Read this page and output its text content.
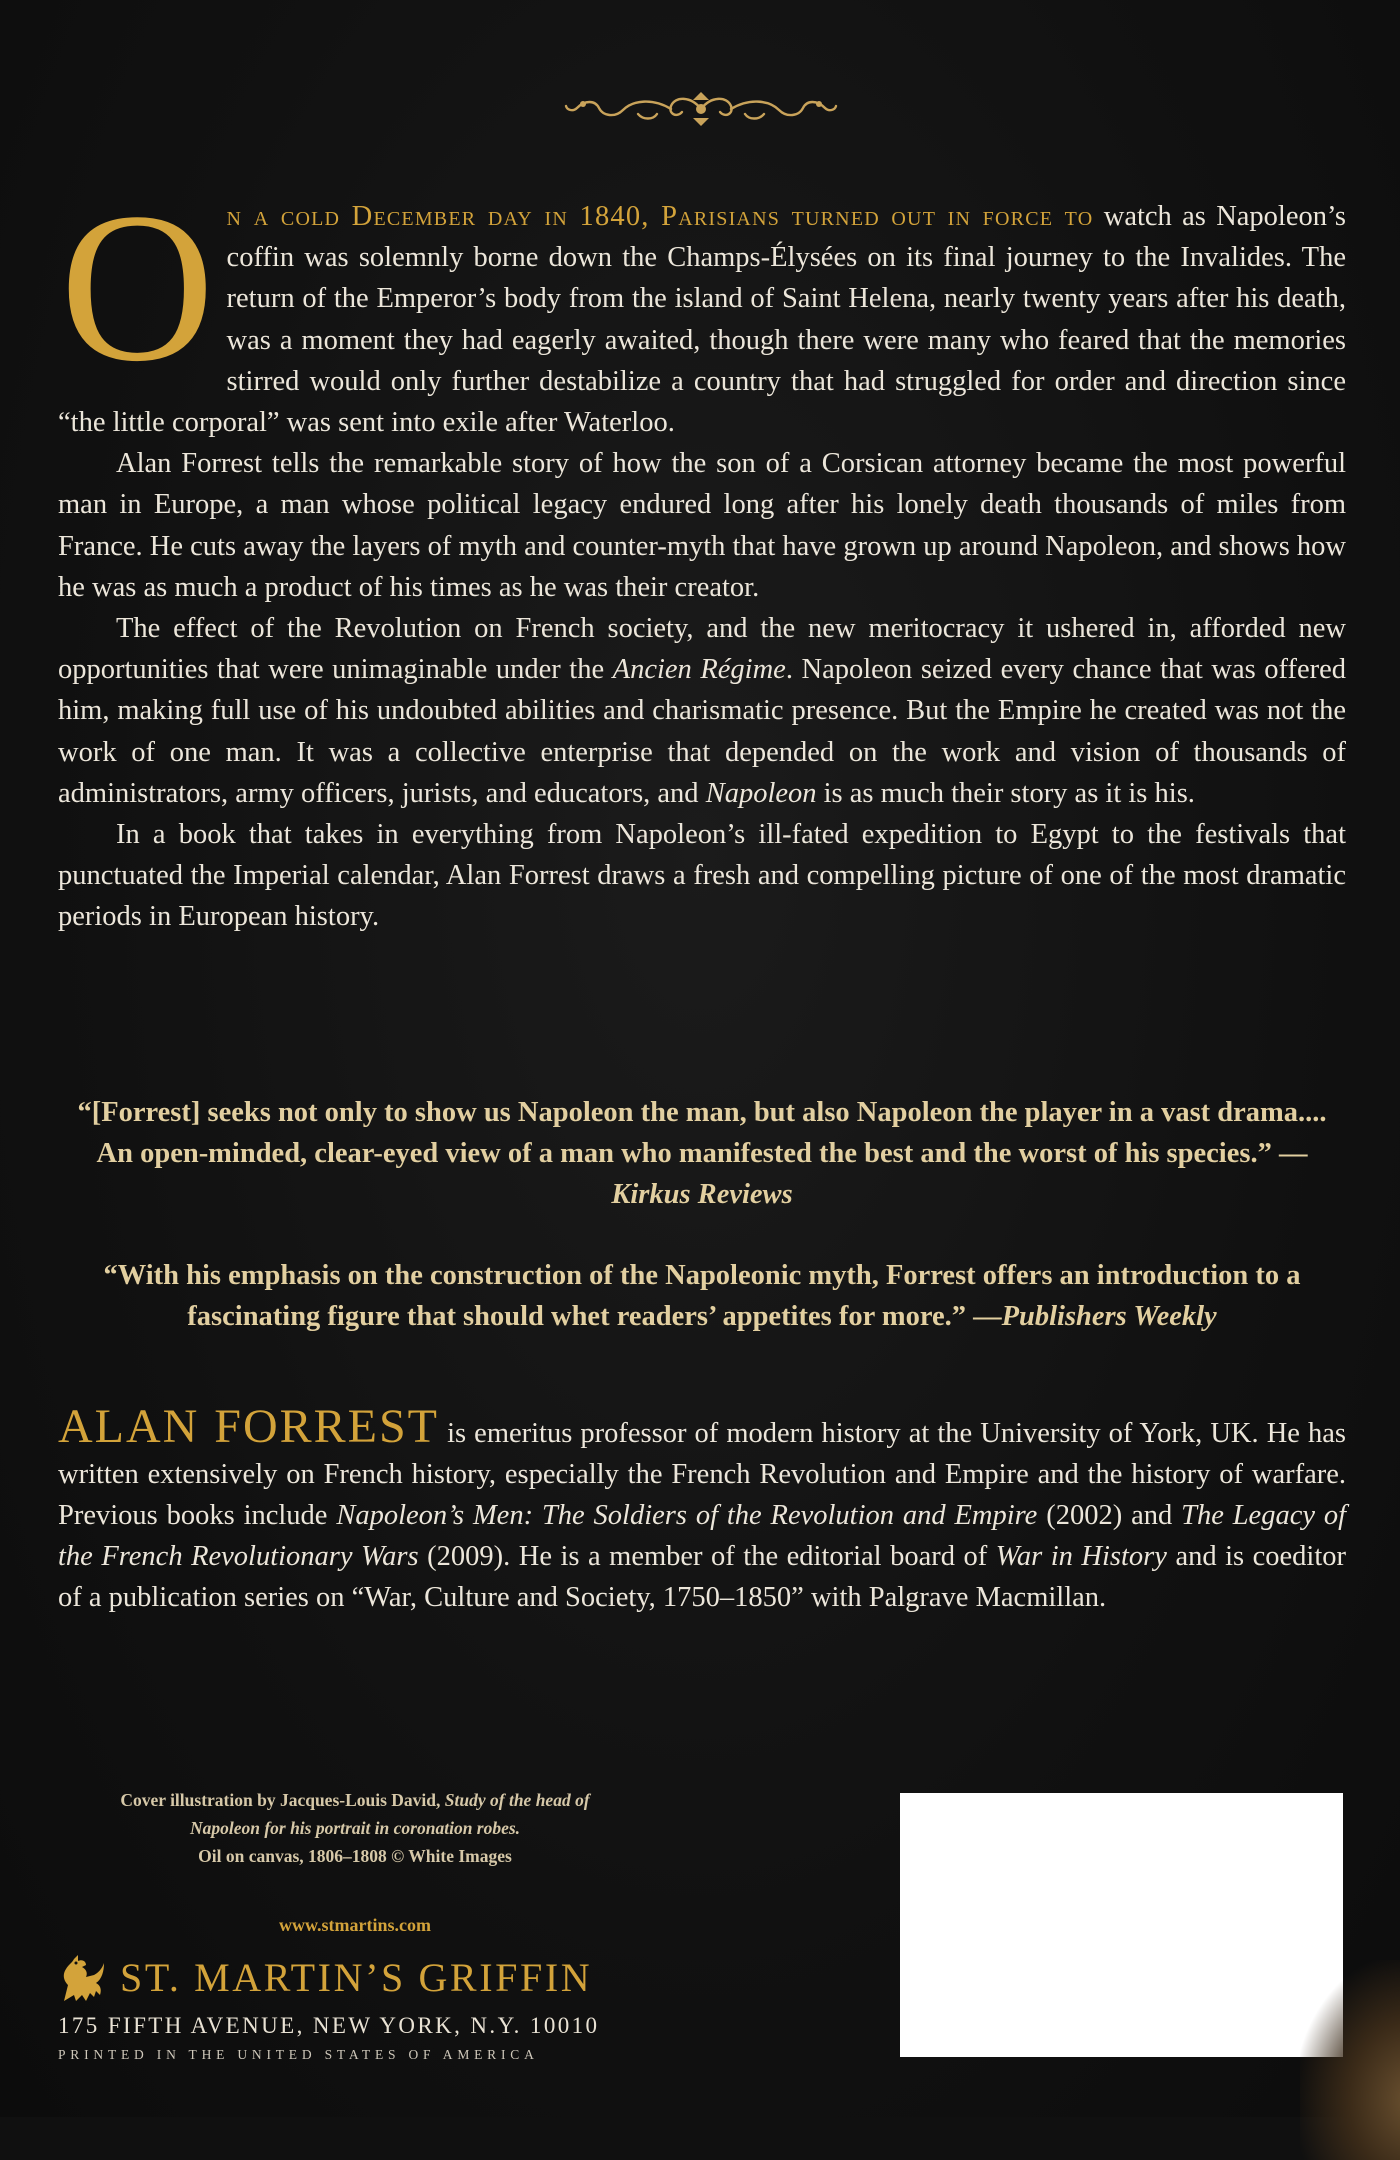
On a cold December day in 1840, Parisians turned out in force to watch as Napoleon’s coffin was solemnly borne down the Champs-Élysées on its final journey to the Invalides. The return of the Emperor’s body from the island of Saint Helena, nearly twenty years after his death, was a moment they had eagerly awaited, though there were many who feared that the memories stirred would only further destabilize a country that had struggled for order and direction since “the little corporal” was sent into exile after Waterloo.

Alan Forrest tells the remarkable story of how the son of a Corsican attorney became the most powerful man in Europe, a man whose political legacy endured long after his lonely death thousands of miles from France. He cuts away the layers of myth and counter-myth that have grown up around Napoleon, and shows how he was as much a product of his times as he was their creator.

The effect of the Revolution on French society, and the new meritocracy it ushered in, afforded new opportunities that were unimaginable under the Ancien Régime. Napoleon seized every chance that was offered him, making full use of his undoubted abilities and charismatic presence. But the Empire he created was not the work of one man. It was a collective enterprise that depended on the work and vision of thousands of administrators, army officers, jurists, and educators, and Napoleon is as much their story as it is his.

In a book that takes in everything from Napoleon’s ill-fated expedition to Egypt to the festivals that punctuated the Imperial calendar, Alan Forrest draws a fresh and compelling picture of one of the most dramatic periods in European history.

“[Forrest] seeks not only to show us Napoleon the man, but also Napoleon the player in a vast drama.... An open-minded, clear-eyed view of a man who manifested the best and the worst of his species.” —Kirkus Reviews

“With his emphasis on the construction of the Napoleonic myth, Forrest offers an introduction to a fascinating figure that should whet readers’ appetites for more.” —Publishers Weekly

ALAN FORREST is emeritus professor of modern history at the University of York, UK. He has written extensively on French history, especially the French Revolution and Empire and the history of warfare. Previous books include Napoleon’s Men: The Soldiers of the Revolution and Empire (2002) and The Legacy of the French Revolutionary Wars (2009). He is a member of the editorial board of War in History and is coeditor of a publication series on “War, Culture and Society, 1750–1850” with Palgrave Macmillan.
Cover illustration by Jacques-Louis David, Study of the head of Napoleon for his portrait in coronation robes.
Oil on canvas, 1806–1808 © White Images
www.stmartins.com
ST. MARTIN’S GRIFFIN
175 FIFTH AVENUE, NEW YORK, N.Y. 10010
PRINTED IN THE UNITED STATES OF AMERICA
